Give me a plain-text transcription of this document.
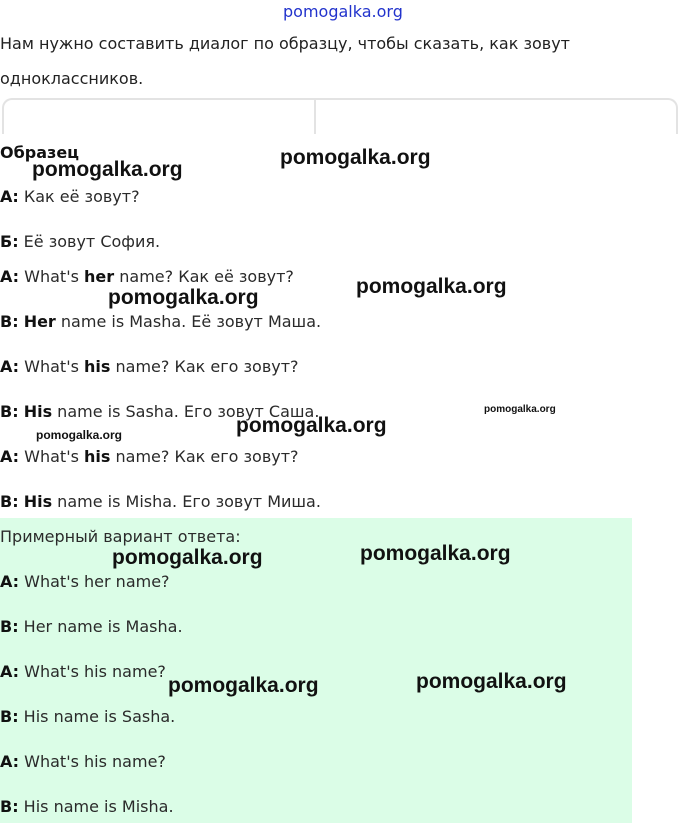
pomogalka.org
Нам нужно составить диалог по образцу, чтобы сказать, как зовут
одноклассников.
Образец
А: Как её зовут?
Б: Её зовут София.
A: What's her name? Как её зовут?
B: Her name is Masha. Её зовут Маша.
A: What's his name? Как его зовут?
B: His name is Sasha. Его зовут Саша.
A: What's his name? Как его зовут?
B: His name is Misha. Его зовут Миша.
Примерный вариант ответа:
A: What's her name?
B: Her name is Masha.
A: What's his name?
B: His name is Sasha.
A: What's his name?
B: His name is Misha.
pomogalka.org
pomogalka.org
pomogalka.org	pomogalka.org
pomogalka.org
pomogalka.org	pomogalka.org
pomogalka.org	pomogalka.org
pomogalka.org	pomogalka.org
